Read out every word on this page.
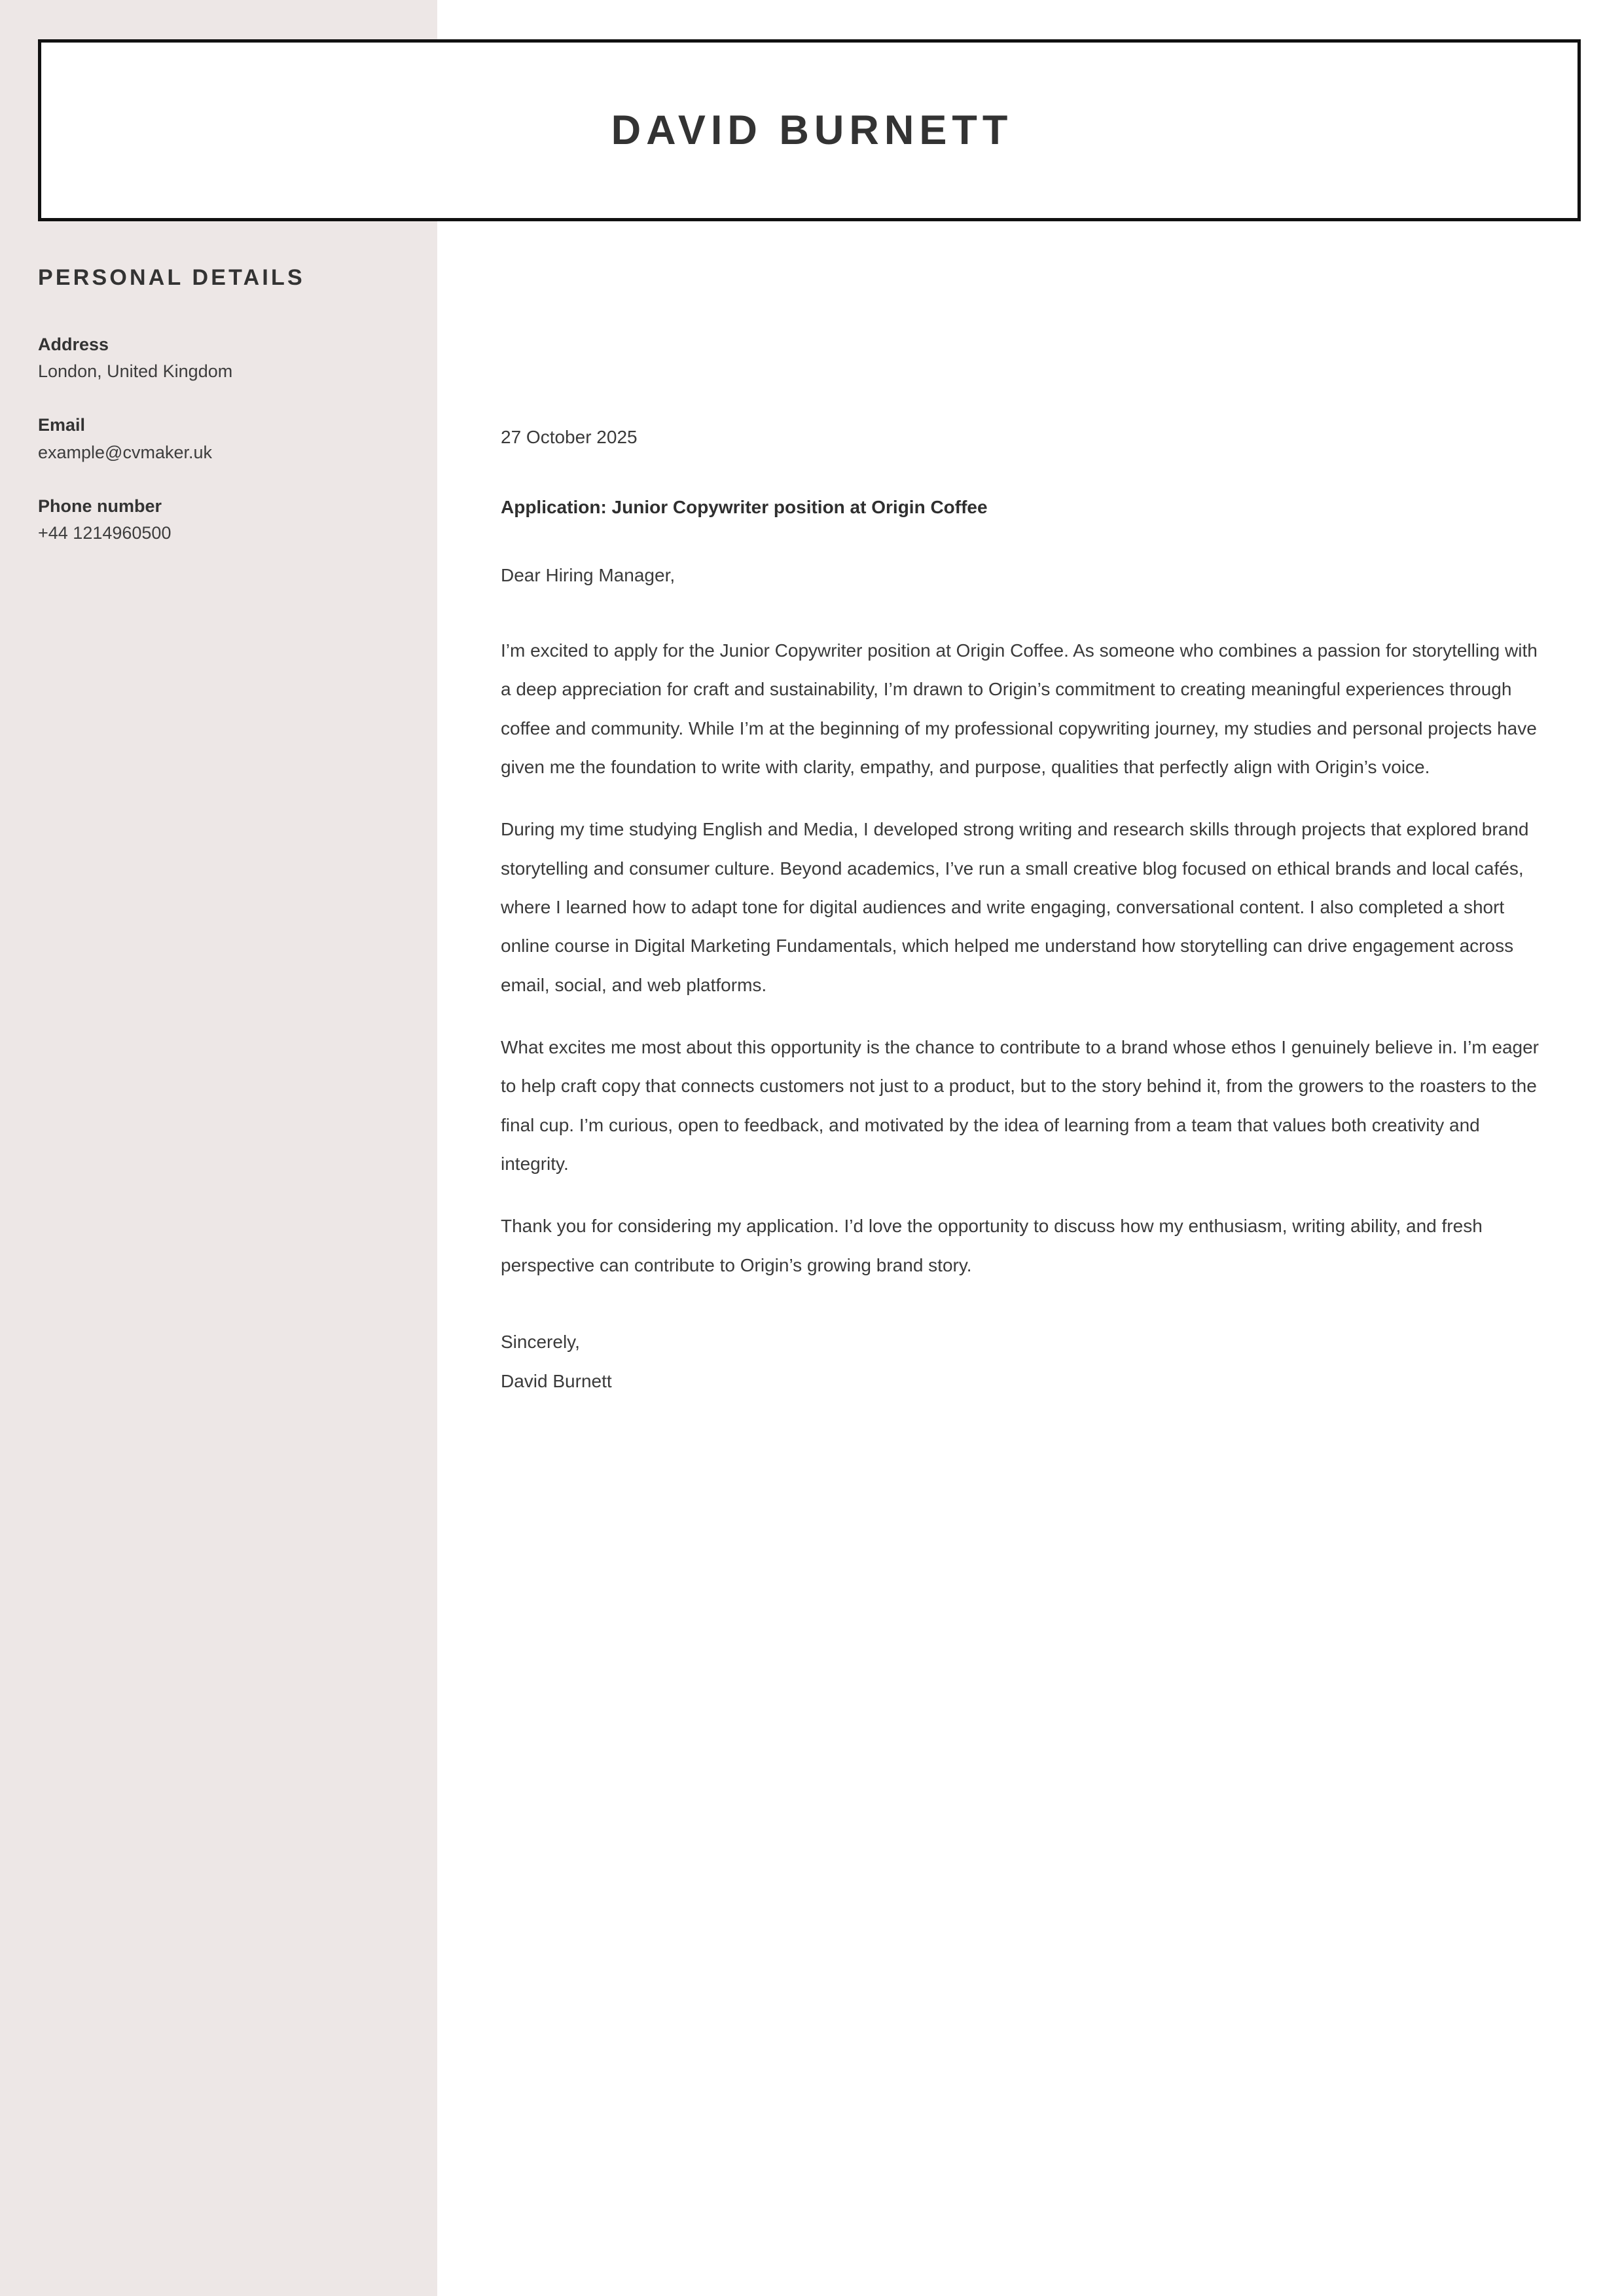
PERSONAL DETAILS
Address
London, United Kingdom
Email
example@cvmaker.uk
Phone number
+44 1214960500
DAVID BURNETT

27 October 2025

Application: Junior Copywriter position at Origin Coffee

Dear Hiring Manager,

I’m excited to apply for the Junior Copywriter position at Origin Coffee. As someone who combines a passion for storytelling with a deep appreciation for craft and sustainability, I’m drawn to Origin’s commitment to creating meaningful experiences through coffee and community. While I’m at the beginning of my professional copywriting journey, my studies and personal projects have given me the foundation to write with clarity, empathy, and purpose, qualities that perfectly align with Origin’s voice.

During my time studying English and Media, I developed strong writing and research skills through projects that explored brand storytelling and consumer culture. Beyond academics, I’ve run a small creative blog focused on ethical brands and local cafés, where I learned how to adapt tone for digital audiences and write engaging, conversational content. I also completed a short online course in Digital Marketing Fundamentals, which helped me understand how storytelling can drive engagement across email, social, and web platforms.

What excites me most about this opportunity is the chance to contribute to a brand whose ethos I genuinely believe in. I’m eager to help craft copy that connects customers not just to a product, but to the story behind it, from the growers to the roasters to the final cup. I’m curious, open to feedback, and motivated by the idea of learning from a team that values both creativity and integrity.

Thank you for considering my application. I’d love the opportunity to discuss how my enthusiasm, writing ability, and fresh perspective can contribute to Origin’s growing brand story.

Sincerely,

David Burnett
